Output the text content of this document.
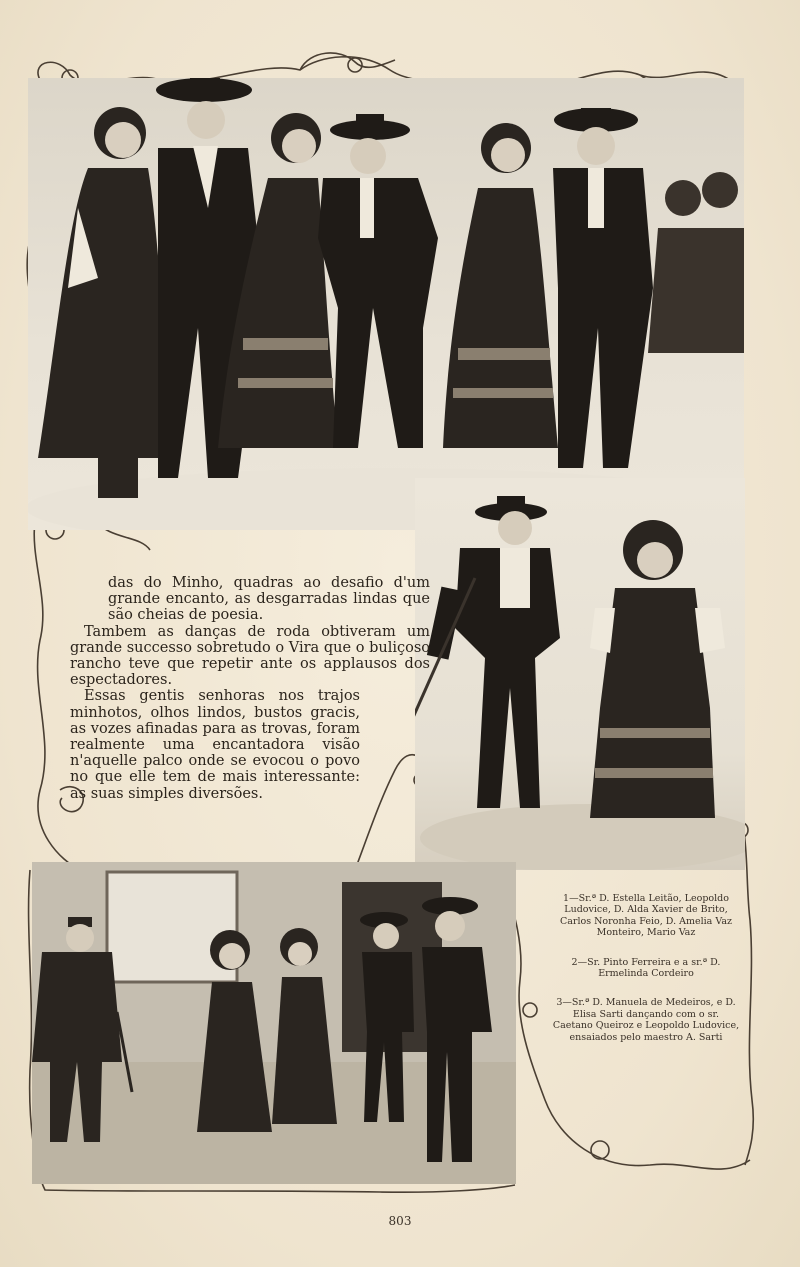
das do Minho, quadras ao desafio d'um grande encanto, as desgarradas lindas que são cheias de poesia.

Tambem as danças de roda obtiveram um grande successo sobretudo o Vira que o buliçoso rancho teve que repetir ante os applausos dos espectadores.

Essas gentis senhoras nos trajos minhotos, olhos lindos, bustos gracis, as vozes afinadas para as trovas, foram realmente uma encantadora visão n'aquelle palco onde se evocou o povo no que elle tem de mais interessante: as suas simples diversões.

1—Sr.ª D. Estella Leitão, Leopoldo Ludovice, D. Alda Xavier de Brito, Carlos Noronha Feio, D. Amelia Vaz Monteiro, Mario Vaz
2—Sr. Pinto Ferreira e a sr.ª D. Ermelinda Cordeiro
3—Sr.ª D. Manuela de Medeiros, e D. Elisa Sarti dançando com o sr. Caetano Queiroz e Leopoldo Ludovice, ensaiados pelo maestro A. Sarti
803
